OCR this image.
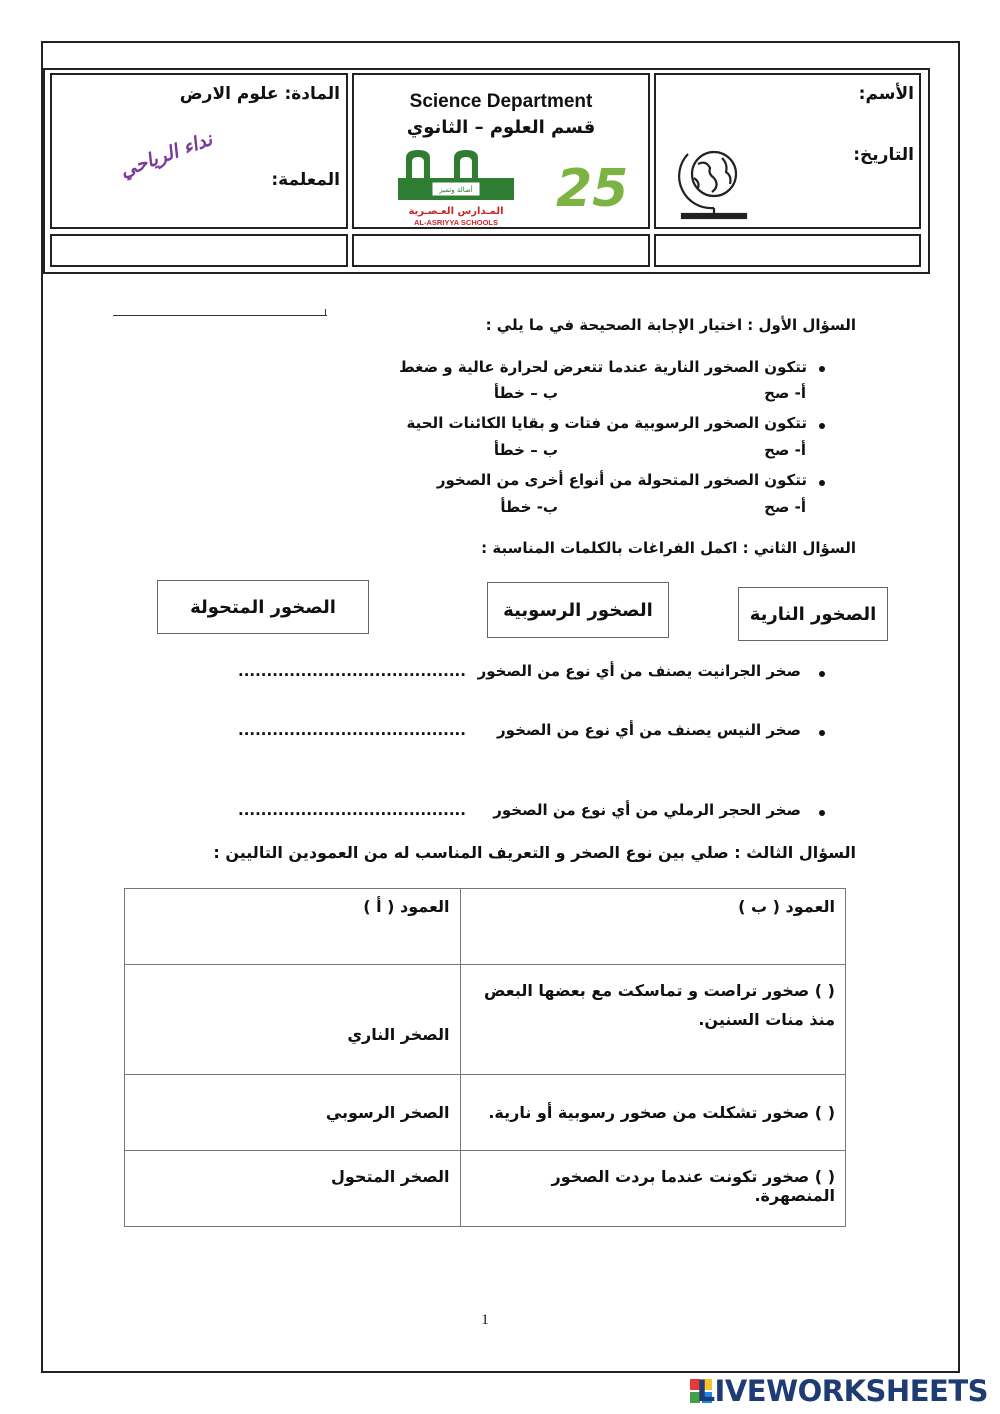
الأسم:
التاريخ:
Science Department
قسم العلوم – الثانوي
المادة: علوم الارض
المعلمة:
نداء الرياحي
أصالة وتميز
المـدارس العـصـرية
AL-ASRIYYA SCHOOLS
25
السؤال الأول : اختيار الإجابة الصحيحة في ما يلي :
تتكون الصخور النارية عندما تتعرض لحرارة عالية و ضغط
أ- صح
ب – خطأ
تتكون الصخور الرسوبية من فتات و بقايا الكائنات الحية
أ- صح
ب – خطأ
تتكون الصخور المتحولة من أنواع أخرى من الصخور
أ- صح
ب- خطأ
السؤال الثاني : اكمل الفراغات بالكلمات المناسبة :
الصخور النارية
الصخور الرسوبية
الصخور المتحولة
صخر الجرانيت يصنف من أي نوع من الصخور
........................................
صخر النيس يصنف من أي نوع من الصخور
........................................
صخر الحجر الرملي من أي نوع من الصخور
........................................
السؤال الثالث : صلي بين نوع الصخر و التعريف المناسب له من العمودين التاليين :
العمود ( أ )	العمود ( ب )
الصخر الناري	( ) صخور تراصت و تماسكت مع بعضها البعض منذ منات السنين.
الصخر الرسوبي	( ) صخور تشكلت من صخور رسوبية أو نارية.
الصخر المتحول	( ) صخور تكونت عندما بردت الصخور المنصهرة.
1
LIVEWORKSHEETS
